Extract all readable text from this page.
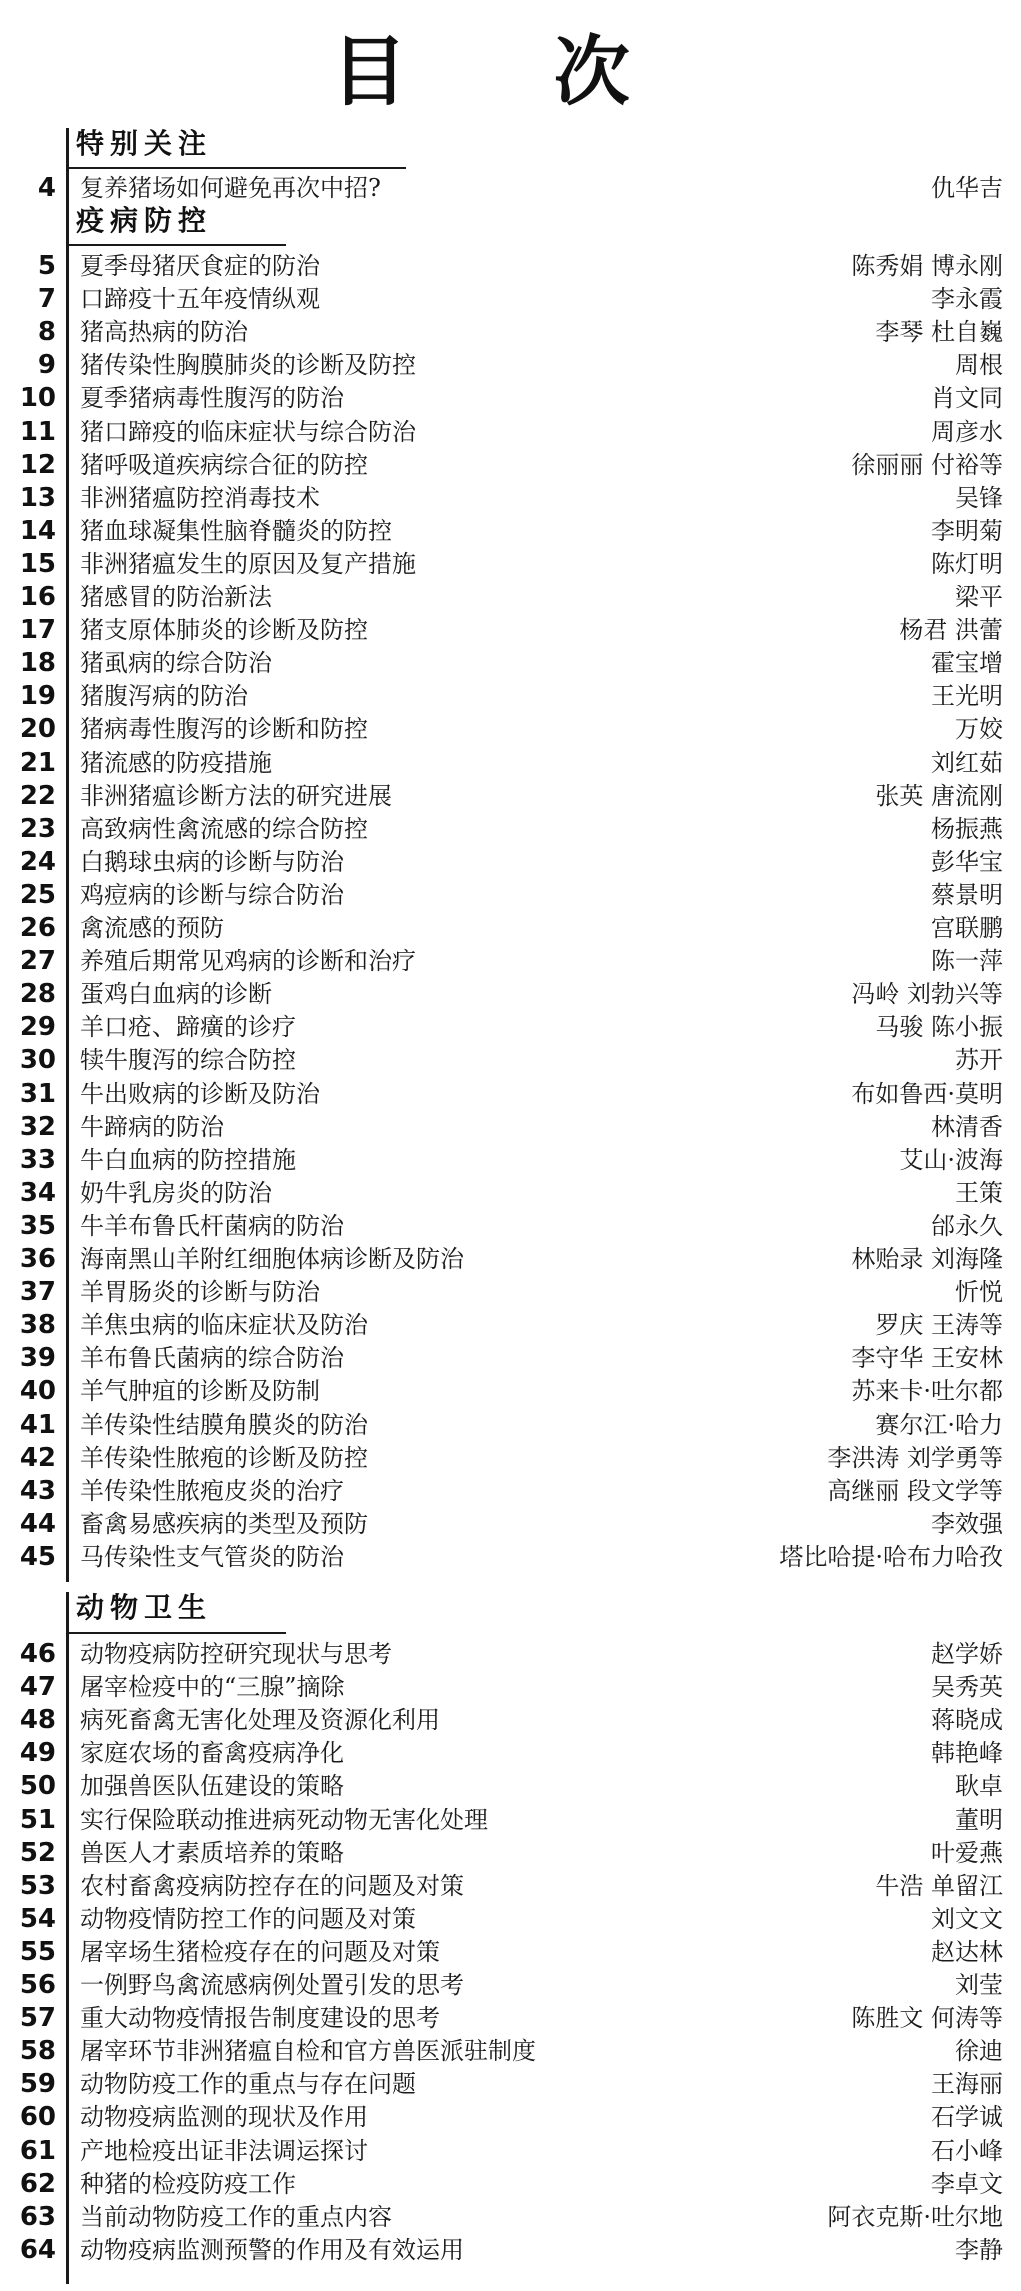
目 次
特别关注
4 复养猪场如何避免再次中招?	仇华吉
疫病防控
5 夏季母猪厌食症的防治	陈秀娟 博永刚
7 口蹄疫十五年疫情纵观	李永霞
8 猪高热病的防治	李琴 杜自巍
9 猪传染性胸膜肺炎的诊断及防控	周根
10 夏季猪病毒性腹泻的防治	肖文同
11 猪口蹄疫的临床症状与综合防治	周彦水
12 猪呼吸道疾病综合征的防控	徐丽丽 付裕等
13 非洲猪瘟防控消毒技术	吴锋
14 猪血球凝集性脑脊髓炎的防控	李明菊
15 非洲猪瘟发生的原因及复产措施	陈灯明
16 猪感冒的防治新法	梁平
17 猪支原体肺炎的诊断及防控	杨君 洪蕾
18 猪虱病的综合防治	霍宝增
19 猪腹泻病的防治	王光明
20 猪病毒性腹泻的诊断和防控	万姣
21 猪流感的防疫措施	刘红茹
22 非洲猪瘟诊断方法的研究进展	张英 唐流刚
23 高致病性禽流感的综合防控	杨振燕
24 白鹅球虫病的诊断与防治	彭华宝
25 鸡痘病的诊断与综合防治	蔡景明
26 禽流感的预防	宫联鹏
27 养殖后期常见鸡病的诊断和治疗	陈一萍
28 蛋鸡白血病的诊断	冯岭 刘勃兴等
29 羊口疮、蹄癀的诊疗	马骏 陈小振
30 犊牛腹泻的综合防控	苏开
31 牛出败病的诊断及防治	布如鲁西·莫明
32 牛蹄病的防治	林清香
33 牛白血病的防控措施	艾山·波海
34 奶牛乳房炎的防治	王策
35 牛羊布鲁氏杆菌病的防治	邰永久
36 海南黑山羊附红细胞体病诊断及防治	林贻录 刘海隆
37 羊胃肠炎的诊断与防治	忻悦
38 羊焦虫病的临床症状及防治	罗庆 王涛等
39 羊布鲁氏菌病的综合防治	李守华 王安林
40 羊气肿疽的诊断及防制	苏来卡·吐尔都
41 羊传染性结膜角膜炎的防治	赛尔江·哈力
42 羊传染性脓疱的诊断及防控	李洪涛 刘学勇等
43 羊传染性脓疱皮炎的治疗	高继丽 段文学等
44 畜禽易感疾病的类型及预防	李效强
45 马传染性支气管炎的防治	塔比哈提·哈布力哈孜
动物卫生
46 动物疫病防控研究现状与思考	赵学娇
47 屠宰检疫中的“三腺”摘除	吴秀英
48 病死畜禽无害化处理及资源化利用	蒋晓成
49 家庭农场的畜禽疫病净化	韩艳峰
50 加强兽医队伍建设的策略	耿卓
51 实行保险联动推进病死动物无害化处理	董明
52 兽医人才素质培养的策略	叶爱燕
53 农村畜禽疫病防控存在的问题及对策	牛浩 单留江
54 动物疫情防控工作的问题及对策	刘文文
55 屠宰场生猪检疫存在的问题及对策	赵达林
56 一例野鸟禽流感病例处置引发的思考	刘莹
57 重大动物疫情报告制度建设的思考	陈胜文 何涛等
58 屠宰环节非洲猪瘟自检和官方兽医派驻制度	徐迪
59 动物防疫工作的重点与存在问题	王海丽
60 动物疫病监测的现状及作用	石学诚
61 产地检疫出证非法调运探讨	石小峰
62 种猪的检疫防疫工作	李卓文
63 当前动物防疫工作的重点内容	阿衣克斯·吐尔地
64 动物疫病监测预警的作用及有效运用	李静
